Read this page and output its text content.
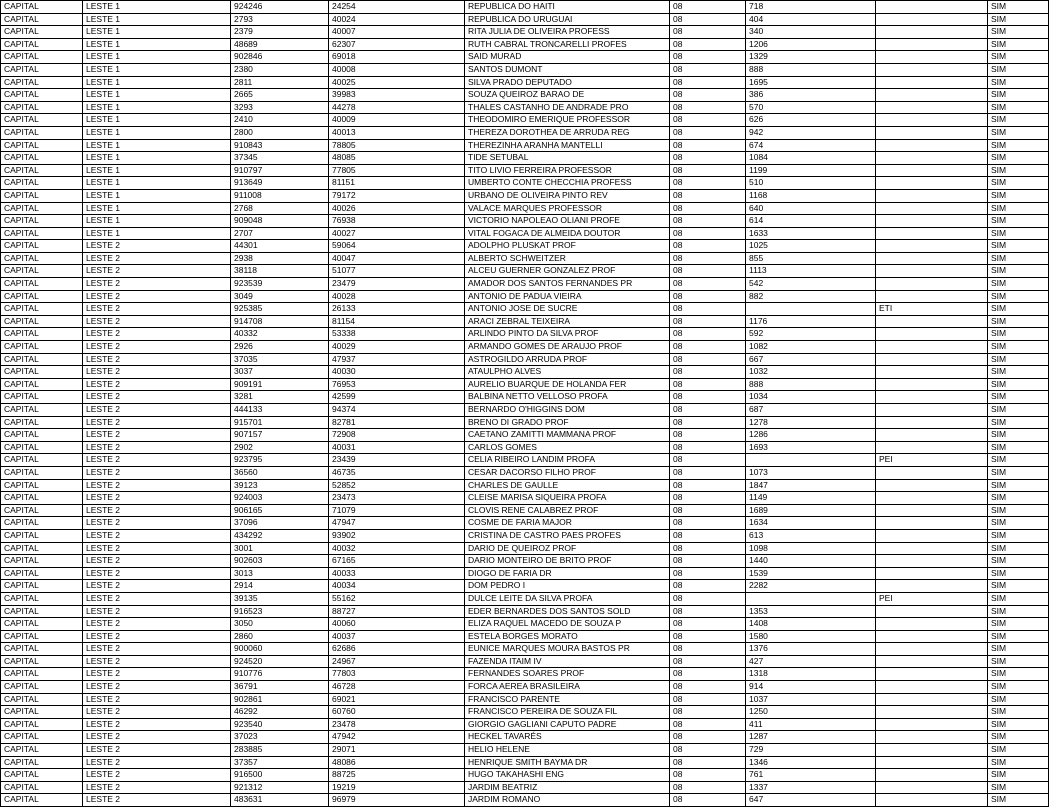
CAPITAL	LESTE 1	924246	24254	REPUBLICA DO HAITI	08	718		SIM
CAPITAL	LESTE 1	2793	40024	REPUBLICA DO URUGUAI	08	404		SIM
CAPITAL	LESTE 1	2379	40007	RITA JULIA DE OLIVEIRA PROFESS	08	340		SIM
CAPITAL	LESTE 1	48689	62307	RUTH CABRAL TRONCARELLI PROFES	08	1206		SIM
CAPITAL	LESTE 1	902846	69018	SAID MURAD	08	1329		SIM
CAPITAL	LESTE 1	2380	40008	SANTOS DUMONT	08	888		SIM
CAPITAL	LESTE 1	2811	40025	SILVA PRADO DEPUTADO	08	1695		SIM
CAPITAL	LESTE 1	2665	39983	SOUZA QUEIROZ BARAO DE	08	386		SIM
CAPITAL	LESTE 1	3293	44278	THALES CASTANHO DE ANDRADE PRO	08	570		SIM
CAPITAL	LESTE 1	2410	40009	THEODOMIRO EMERIQUE PROFESSOR	08	626		SIM
CAPITAL	LESTE 1	2800	40013	THEREZA DOROTHEA DE ARRUDA REG	08	942		SIM
CAPITAL	LESTE 1	910843	78805	THEREZINHA ARANHA MANTELLI	08	674		SIM
CAPITAL	LESTE 1	37345	48085	TIDE SETUBAL	08	1084		SIM
CAPITAL	LESTE 1	910797	77805	TITO LIVIO FERREIRA PROFESSOR	08	1199		SIM
CAPITAL	LESTE 1	913649	81151	UMBERTO CONTE CHECCHIA PROFESS	08	510		SIM
CAPITAL	LESTE 1	911008	79172	URBANO DE OLIVEIRA PINTO REV	08	1168		SIM
CAPITAL	LESTE 1	2768	40026	VALACE MARQUES PROFESSOR	08	640		SIM
CAPITAL	LESTE 1	909048	76938	VICTORIO NAPOLEAO OLIANI PROFE	08	614		SIM
CAPITAL	LESTE 1	2707	40027	VITAL FOGACA DE ALMEIDA DOUTOR	08	1633		SIM
CAPITAL	LESTE 2	44301	59064	ADOLPHO PLUSKAT PROF	08	1025		SIM
CAPITAL	LESTE 2	2938	40047	ALBERTO SCHWEITZER	08	855		SIM
CAPITAL	LESTE 2	38118	51077	ALCEU GUERNER GONZALEZ PROF	08	1113		SIM
CAPITAL	LESTE 2	923539	23479	AMADOR DOS SANTOS FERNANDES PR	08	542		SIM
CAPITAL	LESTE 2	3049	40028	ANTONIO DE PADUA VIEIRA	08	882		SIM
CAPITAL	LESTE 2	925385	26133	ANTONIO JOSE DE SUCRE	08		ETI	SIM
CAPITAL	LESTE 2	914708	81154	ARACI ZEBRAL TEIXEIRA	08	1176		SIM
CAPITAL	LESTE 2	40332	53338	ARLINDO PINTO DA SILVA PROF	08	592		SIM
CAPITAL	LESTE 2	2926	40029	ARMANDO GOMES DE ARAUJO PROF	08	1082		SIM
CAPITAL	LESTE 2	37035	47937	ASTROGILDO ARRUDA PROF	08	667		SIM
CAPITAL	LESTE 2	3037	40030	ATAULPHO ALVES	08	1032		SIM
CAPITAL	LESTE 2	909191	76953	AURELIO BUARQUE DE HOLANDA FER	08	888		SIM
CAPITAL	LESTE 2	3281	42599	BALBINA NETTO VELLOSO PROFA	08	1034		SIM
CAPITAL	LESTE 2	444133	94374	BERNARDO O'HIGGINS DOM	08	687		SIM
CAPITAL	LESTE 2	915701	82781	BRENO DI GRADO PROF	08	1278		SIM
CAPITAL	LESTE 2	907157	72908	CAETANO ZAMITTI MAMMANA PROF	08	1286		SIM
CAPITAL	LESTE 2	2902	40031	CARLOS GOMES	08	1693		SIM
CAPITAL	LESTE 2	923795	23439	CELIA RIBEIRO LANDIM PROFA	08		PEI	SIM
CAPITAL	LESTE 2	36560	46735	CESAR DACORSO FILHO PROF	08	1073		SIM
CAPITAL	LESTE 2	39123	52852	CHARLES DE GAULLE	08	1847		SIM
CAPITAL	LESTE 2	924003	23473	CLEISE MARISA SIQUEIRA PROFA	08	1149		SIM
CAPITAL	LESTE 2	906165	71079	CLOVIS RENE CALABREZ PROF	08	1689		SIM
CAPITAL	LESTE 2	37096	47947	COSME DE FARIA MAJOR	08	1634		SIM
CAPITAL	LESTE 2	434292	93902	CRISTINA DE CASTRO PAES PROFES	08	613		SIM
CAPITAL	LESTE 2	3001	40032	DARIO DE QUEIROZ PROF	08	1098		SIM
CAPITAL	LESTE 2	902603	67165	DARIO MONTEIRO DE BRITO PROF	08	1440		SIM
CAPITAL	LESTE 2	3013	40033	DIOGO DE FARIA DR	08	1539		SIM
CAPITAL	LESTE 2	2914	40034	DOM PEDRO I	08	2282		SIM
CAPITAL	LESTE 2	39135	55162	DULCE LEITE DA SILVA PROFA	08		PEI	SIM
CAPITAL	LESTE 2	916523	88727	EDER BERNARDES DOS SANTOS SOLD	08	1353		SIM
CAPITAL	LESTE 2	3050	40060	ELIZA RAQUEL MACEDO DE SOUZA P	08	1408		SIM
CAPITAL	LESTE 2	2860	40037	ESTELA BORGES MORATO	08	1580		SIM
CAPITAL	LESTE 2	900060	62686	EUNICE MARQUES MOURA BASTOS PR	08	1376		SIM
CAPITAL	LESTE 2	924520	24967	FAZENDA ITAIM IV	08	427		SIM
CAPITAL	LESTE 2	910776	77803	FERNANDES SOARES PROF	08	1318		SIM
CAPITAL	LESTE 2	36791	46728	FORCA AEREA BRASILEIRA	08	914		SIM
CAPITAL	LESTE 2	902861	69021	FRANCISCO PARENTE	08	1037		SIM
CAPITAL	LESTE 2	46292	60760	FRANCISCO PEREIRA DE SOUZA FIL	08	1250		SIM
CAPITAL	LESTE 2	923540	23478	GIORGIO GAGLIANI CAPUTO PADRE	08	411		SIM
CAPITAL	LESTE 2	37023	47942	HECKEL TAVARÉS	08	1287		SIM
CAPITAL	LESTE 2	283885	29071	HELIO HELENE	08	729		SIM
CAPITAL	LESTE 2	37357	48086	HENRIQUE SMITH BAYMA DR	08	1346		SIM
CAPITAL	LESTE 2	916500	88725	HUGO TAKAHASHI ENG	08	761		SIM
CAPITAL	LESTE 2	921312	19219	JARDIM BEATRIZ	08	1337		SIM
CAPITAL	LESTE 2	483631	96979	JARDIM ROMANO	08	647		SIM
